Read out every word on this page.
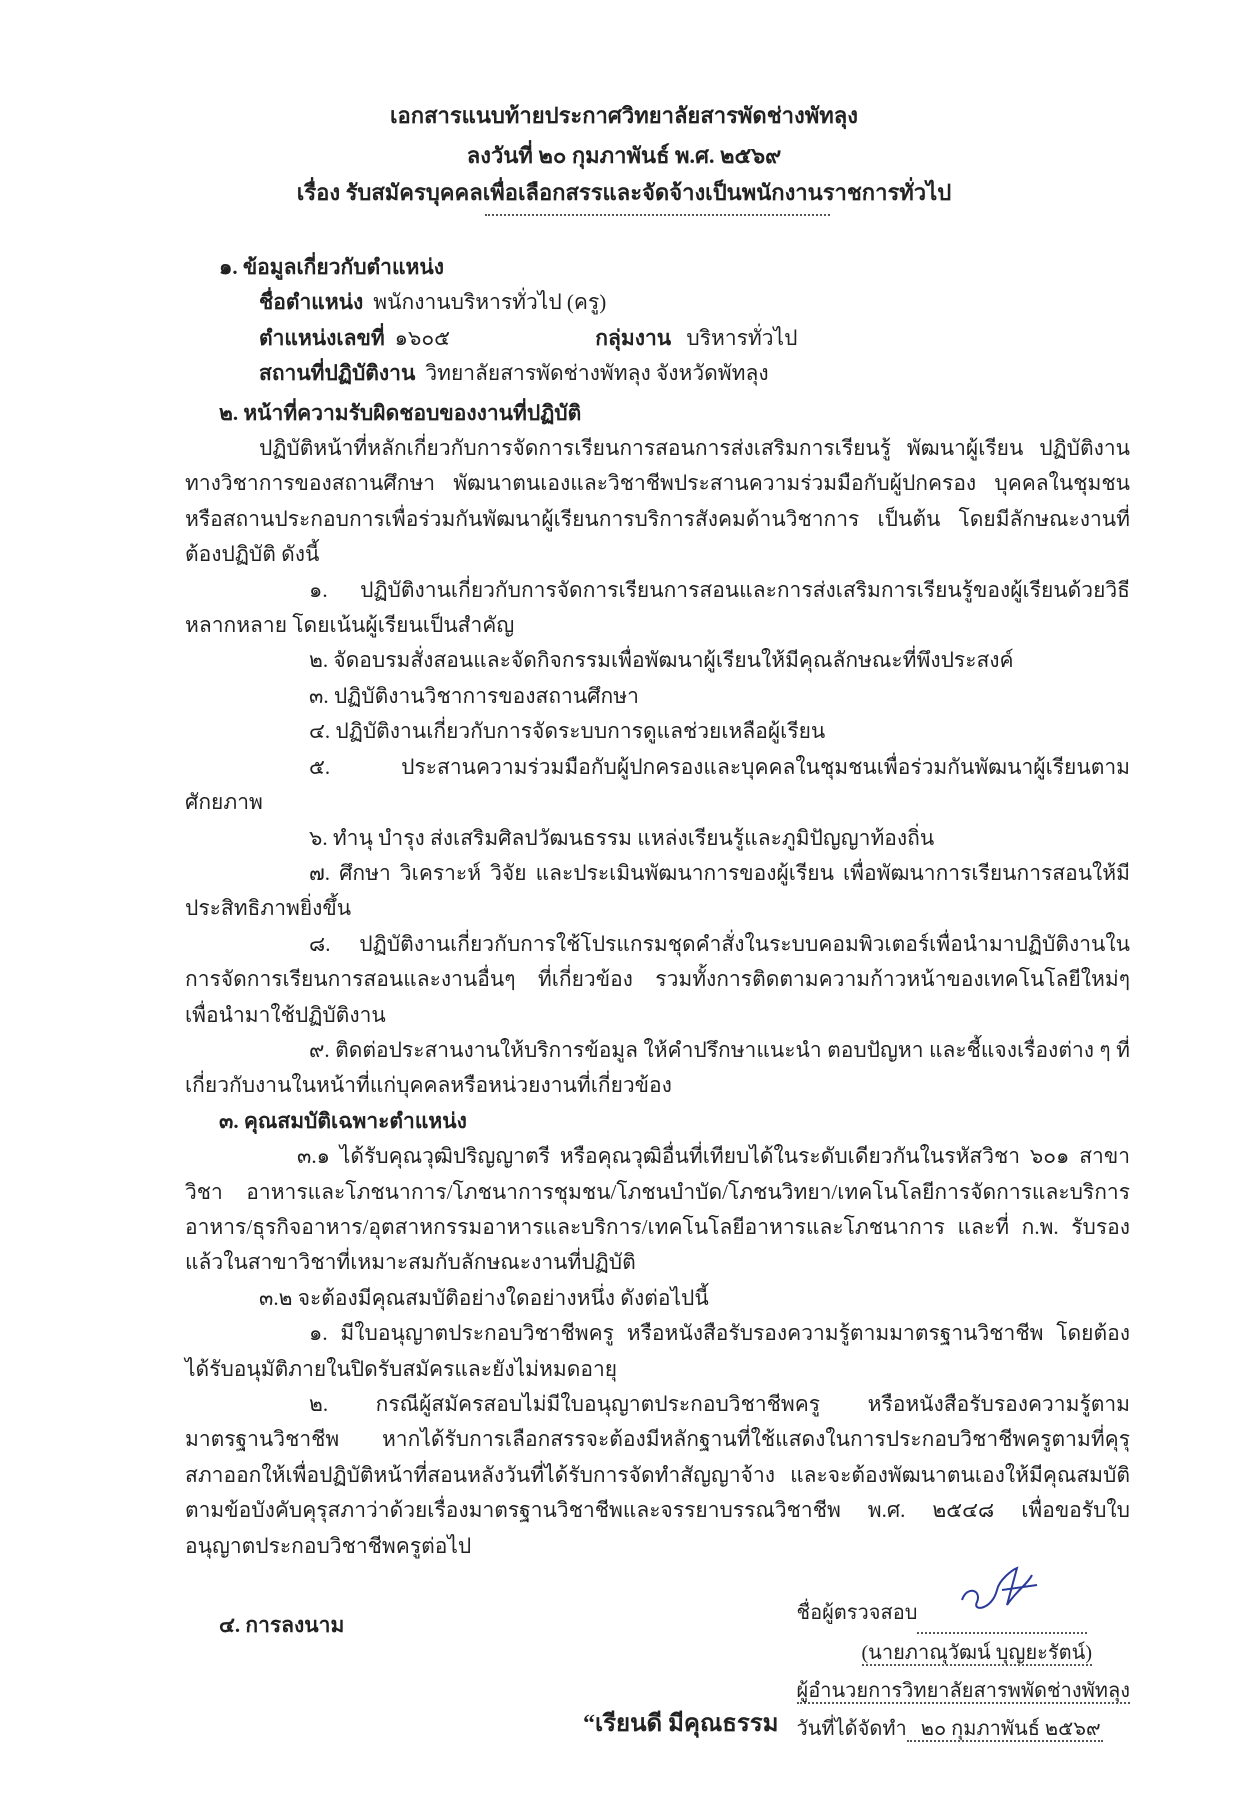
เอกสารแนบท้ายประกาศวิทยาลัยสารพัดช่างพัทลุง
ลงวันที่ ๒๐ กุมภาพันธ์ พ.ศ. ๒๕๖๙
เรื่อง รับสมัครบุคคลเพื่อเลือกสรรและจัดจ้างเป็นพนักงานราชการทั่วไป
๑. ข้อมูลเกี่ยวกับตำแหน่ง
ชื่อตำแหน่ง พนักงานบริหารทั่วไป (ครู)
ตำแหน่งเลขที่ ๑๖๐๕	กลุ่มงาน บริหารทั่วไป
สถานที่ปฏิบัติงาน วิทยาลัยสารพัดช่างพัทลุง จังหวัดพัทลุง
๒. หน้าที่ความรับผิดชอบของงานที่ปฏิบัติ
ปฏิบัติหน้าที่หลักเกี่ยวกับการจัดการเรียนการสอนการส่งเสริมการเรียนรู้ พัฒนาผู้เรียน ปฏิบัติงานทางวิชาการของสถานศึกษา พัฒนาตนเองและวิชาชีพประสานความร่วมมือกับผู้ปกครอง บุคคลในชุมชนหรือสถานประกอบการเพื่อร่วมกันพัฒนาผู้เรียนการบริการสังคมด้านวิชาการ เป็นต้น โดยมีลักษณะงานที่ต้องปฏิบัติ ดังนี้
๑. ปฏิบัติงานเกี่ยวกับการจัดการเรียนการสอนและการส่งเสริมการเรียนรู้ของผู้เรียนด้วยวิธีหลากหลาย โดยเน้นผู้เรียนเป็นสำคัญ
๒. จัดอบรมสั่งสอนและจัดกิจกรรมเพื่อพัฒนาผู้เรียนให้มีคุณลักษณะที่พึงประสงค์
๓. ปฏิบัติงานวิชาการของสถานศึกษา
๔. ปฏิบัติงานเกี่ยวกับการจัดระบบการดูแลช่วยเหลือผู้เรียน
๕. ประสานความร่วมมือกับผู้ปกครองและบุคคลในชุมชนเพื่อร่วมกันพัฒนาผู้เรียนตามศักยภาพ
๖. ทำนุ บำรุง ส่งเสริมศิลปวัฒนธรรม แหล่งเรียนรู้และภูมิปัญญาท้องถิ่น
๗. ศึกษา วิเคราะห์ วิจัย และประเมินพัฒนาการของผู้เรียน เพื่อพัฒนาการเรียนการสอนให้มีประสิทธิภาพยิ่งขึ้น
๘. ปฏิบัติงานเกี่ยวกับการใช้โปรแกรมชุดคำสั่งในระบบคอมพิวเตอร์เพื่อนำมาปฏิบัติงานในการจัดการเรียนการสอนและงานอื่นๆ ที่เกี่ยวข้อง รวมทั้งการติดตามความก้าวหน้าของเทคโนโลยีใหม่ๆ เพื่อนำมาใช้ปฏิบัติงาน
๙. ติดต่อประสานงานให้บริการข้อมูล ให้คำปรึกษาแนะนำ ตอบปัญหา และชี้แจงเรื่องต่าง ๆ ที่เกี่ยวกับงานในหน้าที่แก่บุคคลหรือหน่วยงานที่เกี่ยวข้อง
๓. คุณสมบัติเฉพาะตำแหน่ง
๓.๑ ได้รับคุณวุฒิปริญญาตรี หรือคุณวุฒิอื่นที่เทียบได้ในระดับเดียวกันในรหัสวิชา ๖๐๑ สาขาวิชา อาหารและโภชนาการ/โภชนาการชุมชน/โภชนบำบัด/โภชนวิทยา/เทคโนโลยีการจัดการและบริการอาหาร/ธุรกิจอาหาร/อุตสาหกรรมอาหารและบริการ/เทคโนโลยีอาหารและโภชนาการ และที่ ก.พ. รับรองแล้วในสาขาวิชาที่เหมาะสมกับลักษณะงานที่ปฏิบัติ
๓.๒ จะต้องมีคุณสมบัติอย่างใดอย่างหนึ่ง ดังต่อไปนี้
๑. มีใบอนุญาตประกอบวิชาชีพครู หรือหนังสือรับรองความรู้ตามมาตรฐานวิชาชีพ โดยต้องได้รับอนุมัติภายในปิดรับสมัครและยังไม่หมดอายุ
๒. กรณีผู้สมัครสอบไม่มีใบอนุญาตประกอบวิชาชีพครู หรือหนังสือรับรองความรู้ตามมาตรฐานวิชาชีพ หากได้รับการเลือกสรรจะต้องมีหลักฐานที่ใช้แสดงในการประกอบวิชาชีพครูตามที่คุรุสภาออกให้เพื่อปฏิบัติหน้าที่สอนหลังวันที่ได้รับการจัดทำสัญญาจ้าง และจะต้องพัฒนาตนเองให้มีคุณสมบัติตามข้อบังคับคุรุสภาว่าด้วยเรื่องมาตรฐานวิชาชีพและจรรยาบรรณวิชาชีพ พ.ศ. ๒๕๔๘ เพื่อขอรับใบอนุญาตประกอบวิชาชีพครูต่อไป
๔. การลงนาม
“เรียนดี มีคุณธรรม
ชื่อผู้ตรวจสอบ
(นายภาณุวัฒน์ บุญยะรัตน์)
ผู้อำนวยการวิทยาลัยสารพพัดช่างพัทลุง
วันที่ได้จัดทำ ๒๐ กุมภาพันธ์ ๒๕๖๙
